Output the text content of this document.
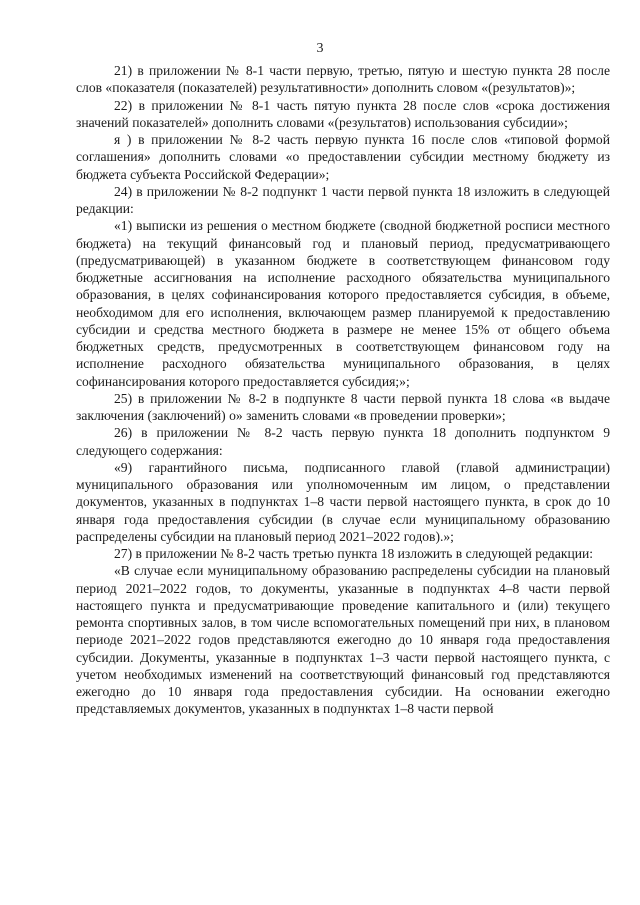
3

21) в приложении № 8-1 части первую, третью, пятую и шестую пункта 28 после слов «показателя (показателей) результативности» дополнить словом «(результатов)»;

22) в приложении № 8-1 часть пятую пункта 28 после слов «срока достижения значений показателей» дополнить словами «(результатов) использования субсидии»;

я ) в приложении № 8-2 часть первую пункта 16 после слов «типовой формой соглашения» дополнить словами «о предоставлении субсидии местному бюджету из бюджета субъекта Российской Федерации»;

24) в приложении № 8-2 подпункт 1 части первой пункта 18 изложить в следующей редакции:

«1) выписки из решения о местном бюджете (сводной бюджетной росписи местного бюджета) на текущий финансовый год и плановый период, предусматривающего (предусматривающей) в указанном бюджете в соответствующем финансовом году бюджетные ассигнования на исполнение расходного обязательства муниципального образования, в целях софинансирования которого предоставляется субсидия, в объеме, необходимом для его исполнения, включающем размер планируемой к предоставлению субсидии и средства местного бюджета в размере не менее 15% от общего объема бюджетных средств, предусмотренных в соответствующем финансовом году на исполнение расходного обязательства муниципального образования, в целях софинансирования которого предоставляется субсидия;»;

25) в приложении № 8-2 в подпункте 8 части первой пункта 18 слова «в выдаче заключения (заключений) о» заменить словами «в проведении проверки»;

26) в приложении № 8-2 часть первую пункта 18 дополнить подпунктом 9 следующего содержания:

«9) гарантийного письма, подписанного главой (главой администрации) муниципального образования или уполномоченным им лицом, о представлении документов, указанных в подпунктах 1–8 части первой настоящего пункта, в срок до 10 января года предоставления субсидии (в случае если муниципальному образованию распределены субсидии на плановый период 2021–2022 годов).»;

27) в приложении № 8-2 часть третью пункта 18 изложить в следующей редакции:

«В случае если муниципальному образованию распределены субсидии на плановый период 2021–2022 годов, то документы, указанные в подпунктах 4–8 части первой настоящего пункта и предусматривающие проведение капитального и (или) текущего ремонта спортивных залов, в том числе вспомогательных помещений при них, в плановом периоде 2021–2022 годов представляются ежегодно до 10 января года предоставления субсидии. Документы, указанные в подпунктах 1–3 части первой настоящего пункта, с учетом необходимых изменений на соответствующий финансовый год представляются ежегодно до 10 января года предоставления субсидии. На основании ежегодно представляемых документов, указанных в подпунктах 1–8 части первой
